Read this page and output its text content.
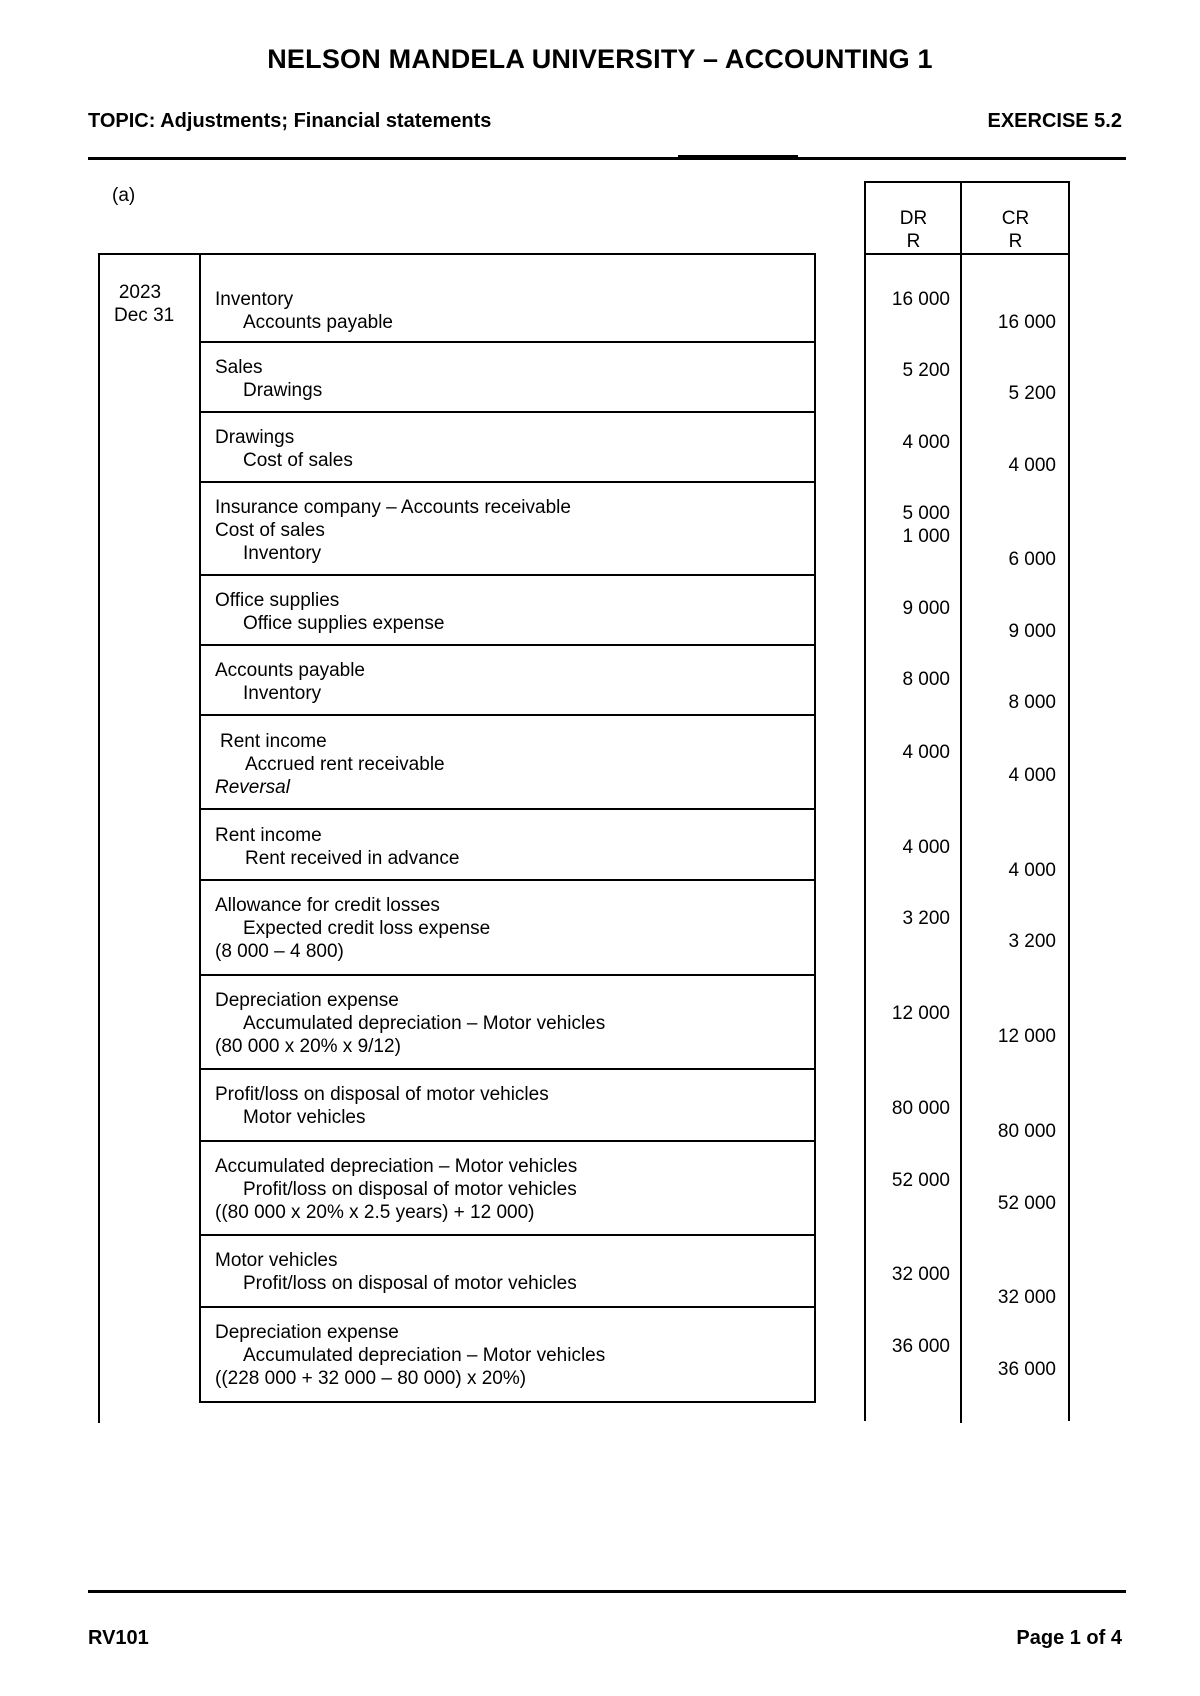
NELSON MANDELA UNIVERSITY – ACCOUNTING 1
TOPIC: Adjustments; Financial statements	EXERCISE 5.2
(a)
2023
Dec 31
Inventory
Accounts payable
Sales
Drawings
Drawings
Cost of sales
Insurance company – Accounts receivable
Cost of sales
Inventory
Office supplies
Office supplies expense
Accounts payable
Inventory
Rent income
Accrued rent receivable
Reversal
Rent income
Rent received in advance
Allowance for credit losses
Expected credit loss expense
(8 000 – 4 800)
Depreciation expense
Accumulated depreciation – Motor vehicles
(80 000 x 20% x 9/12)
Profit/loss on disposal of motor vehicles
Motor vehicles
Accumulated depreciation – Motor vehicles
Profit/loss on disposal of motor vehicles
((80 000 x 20% x 2.5 years) + 12 000)
Motor vehicles
Profit/loss on disposal of motor vehicles
Depreciation expense
Accumulated depreciation – Motor vehicles
((228 000 + 32 000 – 80 000) x 20%)
DR
R
CR
R
16 000
16 000
5 200
5 200
4 000
4 000
5 000
1 000
6 000
9 000
9 000
8 000
8 000
4 000
4 000
4 000
4 000
3 200
3 200
12 000
12 000
80 000
80 000
52 000
52 000
32 000
32 000
36 000
36 000
RV101	Page 1 of 4
